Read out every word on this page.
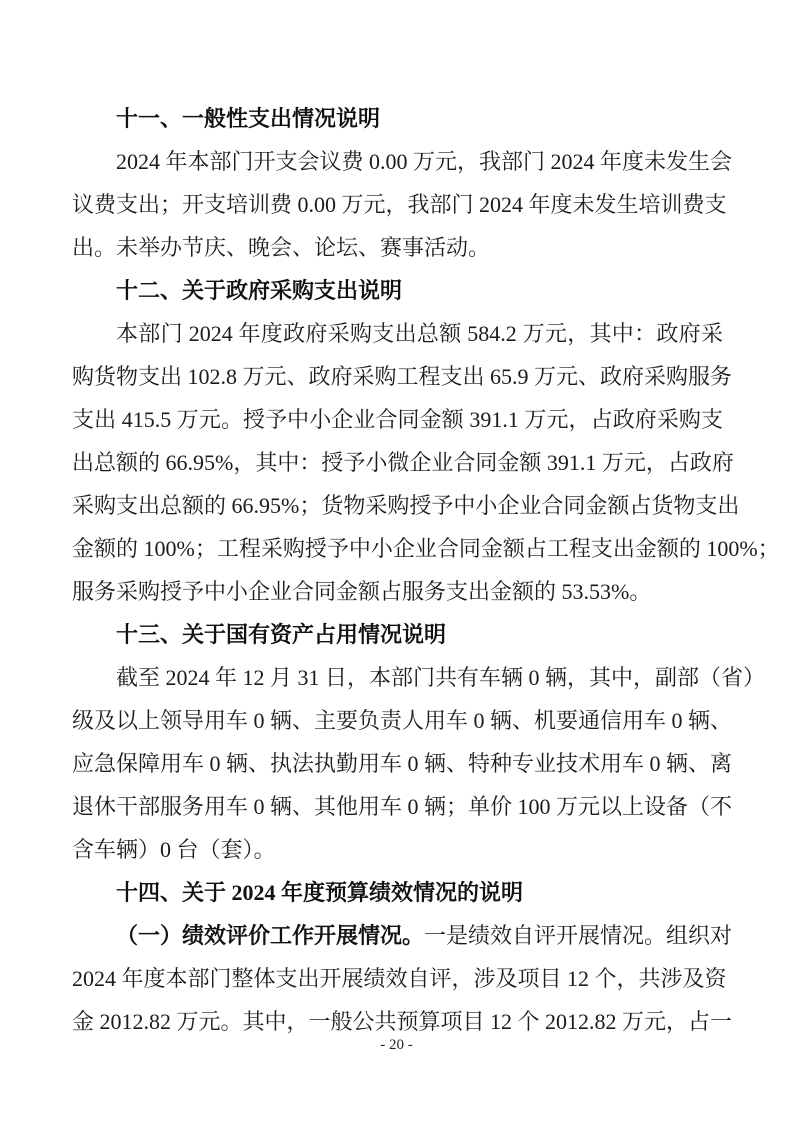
十一、一般性支出情况说明
2024 年本部门开支会议费 0.00 万元，我部门 2024 年度未发生会
议费支出；开支培训费 0.00 万元，我部门 2024 年度未发生培训费支
出。未举办节庆、晚会、论坛、赛事活动。
十二、关于政府采购支出说明
本部门 2024 年度政府采购支出总额 584.2 万元，其中：政府采
购货物支出 102.8 万元、政府采购工程支出 65.9 万元、政府采购服务
支出 415.5 万元。授予中小企业合同金额 391.1 万元，占政府采购支
出总额的 66.95%，其中：授予小微企业合同金额 391.1 万元，占政府
采购支出总额的 66.95%；货物采购授予中小企业合同金额占货物支出
金额的 100%；工程采购授予中小企业合同金额占工程支出金额的 100%；
服务采购授予中小企业合同金额占服务支出金额的 53.53%。
十三、关于国有资产占用情况说明
截至 2024 年 12 月 31 日，本部门共有车辆 0 辆，其中，副部（省）
级及以上领导用车 0 辆、主要负责人用车 0 辆、机要通信用车 0 辆、
应急保障用车 0 辆、执法执勤用车 0 辆、特种专业技术用车 0 辆、离
退休干部服务用车 0 辆、其他用车 0 辆；单价 100 万元以上设备（不
含车辆）0 台（套）。
十四、关于 2024 年度预算绩效情况的说明
（一）绩效评价工作开展情况。一是绩效自评开展情况。组织对
2024 年度本部门整体支出开展绩效自评，涉及项目 12 个，共涉及资
金 2012.82 万元。其中，一般公共预算项目 12 个 2012.82 万元，占一
- 20 -
